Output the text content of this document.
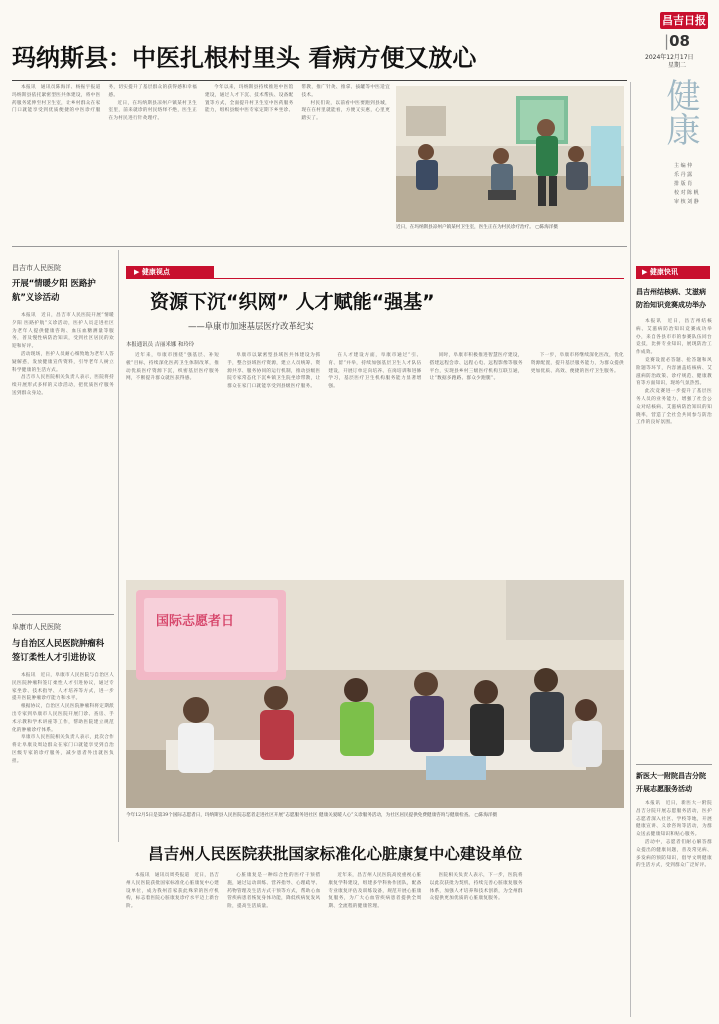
昌吉日报
|08
2024年12月17日
星期二
玛纳斯县：中医扎根村里头 看病方便又放心
健康
主 编 仲
乐 丹 露
排 版 肖
校 对 陈 帆
审 核 刘 静

本报讯　通讯员陈海洋、杨振宇报道　玛纳斯县依托紧密型医共体建设，将中医药服务延伸至村卫生室，让乡村群众在家门口就能享受到优质便捷的中医诊疗服务，切实提升了基层群众的获得感和幸福感。

近日，在玛纳斯县凉州户镇某村卫生室里，前来就诊的村民络绎不绝，医生正在为村民进行针灸理疗。

今年以来，玛纳斯县持续推进中医馆建设，通过人才下沉、技术帮扶、设备配置等方式，全面提升村卫生室中医药服务能力，组织县级中医专家定期下乡坐诊、带教，推广针灸、推拿、拔罐等中医适宜技术。

村民们说，以前看中医要跑到县城，现在在村里就能看，方便又实惠，心里更踏实了。

近日，在玛纳斯县凉州户镇某村卫生室，医生正在为村民诊疗治疗。 ▢陈海洋摄
昌吉市人民医院
开展“情暖夕阳 医路护航”义诊活动

本报讯　近日，昌吉市人民医院开展“情暖夕阳 医路护航”义诊活动，医护人员走进社区为老年人提供健康咨询、血压血糖测量等服务，普及慢性病防治知识，受到社区居民的欢迎和好评。

活动现场，医护人员耐心细致地为老年人答疑解惑，发放健康宣传资料，引导老年人树立科学健康的生活方式。

昌吉市人民医院相关负责人表示，医院将持续开展形式多样的义诊活动，把优质医疗服务送到群众身边。

阜康市人民医院
与自治区人民医院肿瘤科签订柔性人才引进协议

本报讯　近日，阜康市人民医院与自治区人民医院肿瘤科签订柔性人才引进协议，通过专家坐诊、技术指导、人才培养等方式，进一步提升医院肿瘤诊疗能力和水平。

根据协议，自治区人民医院肿瘤科将定期派出专家到阜康市人民医院开展门诊、查房、手术示教和学术讲座等工作，帮助医院建立规范化的肿瘤诊疗体系。

阜康市人民医院相关负责人表示，此次合作将让阜康及周边群众在家门口就能享受到自治区级专家的诊疗服务，减少患者外出就医负担。

▶ 健康视点
资源下沉“织网” 人才赋能“强基”
——阜康市加速基层医疗改革纪实
本报通讯员 吉丽米娜 和玲玲

近年来，阜康市围绕“强基层、补短板”目标，持续深化医药卫生体制改革，推动优质医疗资源下沉，织密基层医疗服务网，不断提升群众就医获得感。

阜康市以紧密型县域医共体建设为抓手，整合县域医疗资源，建立人员统筹、资源共享、服务协同的运行机制，推动县级医院专家常态化下沉乡镇卫生院坐诊带教，让群众在家门口就能享受到县级医疗服务。

在人才建设方面，阜康市通过“引、育、留”并举，持续加强基层卫生人才队伍建设，开展订单定向培养、在岗培训和进修学习，基层医疗卫生机构服务能力显著增强。

同时，阜康市积极推进智慧医疗建设，搭建远程会诊、远程心电、远程影像等服务平台，实现县乡村三级医疗机构互联互通，让“数据多跑路、群众少跑腿”。

下一步，阜康市将继续深化医改，优化资源配置，提升基层服务能力，为群众提供更加优质、高效、便捷的医疗卫生服务。

国际志愿者日
今年12月5日是第39个国际志愿者日，玛纳斯县人民医院志愿者走进社区开展“志愿服务进社区 健康关爱暖人心”义诊服务活动，为社区居民提供免费健康咨询与健康检查。 ▢陈海洋摄
昌吉州人民医院获批国家标准化心脏康复中心建设单位

本报讯　通讯员周英报道　近日，昌吉州人民医院获批国家标准化心脏康复中心建设单位，成为我州首家获此殊荣的医疗机构，标志着医院心脏康复诊疗水平迈上新台阶。

心脏康复是一种综合性的医疗干预措施，通过运动训练、营养指导、心理疏导、药物管理及生活方式干预等方式，帮助心血管疾病患者恢复身体功能，降低疾病复发风险，提高生活质量。

近年来，昌吉州人民医院高度重视心脏康复学科建设，组建多学科协作团队，配备专业康复评估及训练设备，规范开展心脏康复服务，为广大心血管疾病患者提供全周期、全流程的健康管理。

医院相关负责人表示，下一步，医院将以此次获批为契机，持续完善心脏康复服务体系，加强人才培养和技术创新，为全州群众提供更加优质的心脏康复服务。

▶ 健康快讯
昌吉州结核病、艾滋病防治知识竞赛成功举办

本报讯　近日，昌吉州结核病、艾滋病防治知识竞赛成功举办，来自各县市市的参赛队伍同台竞技，比拼专业知识，展现防治工作成效。

竞赛设置必答题、抢答题和风险题等环节，内容涵盖结核病、艾滋病防治政策、诊疗规范、健康教育等方面知识，现场气氛热烈。

此次竞赛进一步提升了基层医务人员的业务能力，增强了社会公众对结核病、艾滋病防治知识的知晓率，营造了全社会共同参与防治工作的良好氛围。

新医大一附院昌吉分院开展志愿服务活动

本报讯　近日，新医大一附院昌吉分院开展志愿服务活动，医护志愿者深入社区、学校等地，开展健康宣讲、义诊咨询等活动，为群众送去健康知识和贴心服务。

活动中，志愿者们耐心解答群众提出的健康问题，普及常见病、多发病的预防知识，倡导文明健康的生活方式，受到群众广泛好评。
